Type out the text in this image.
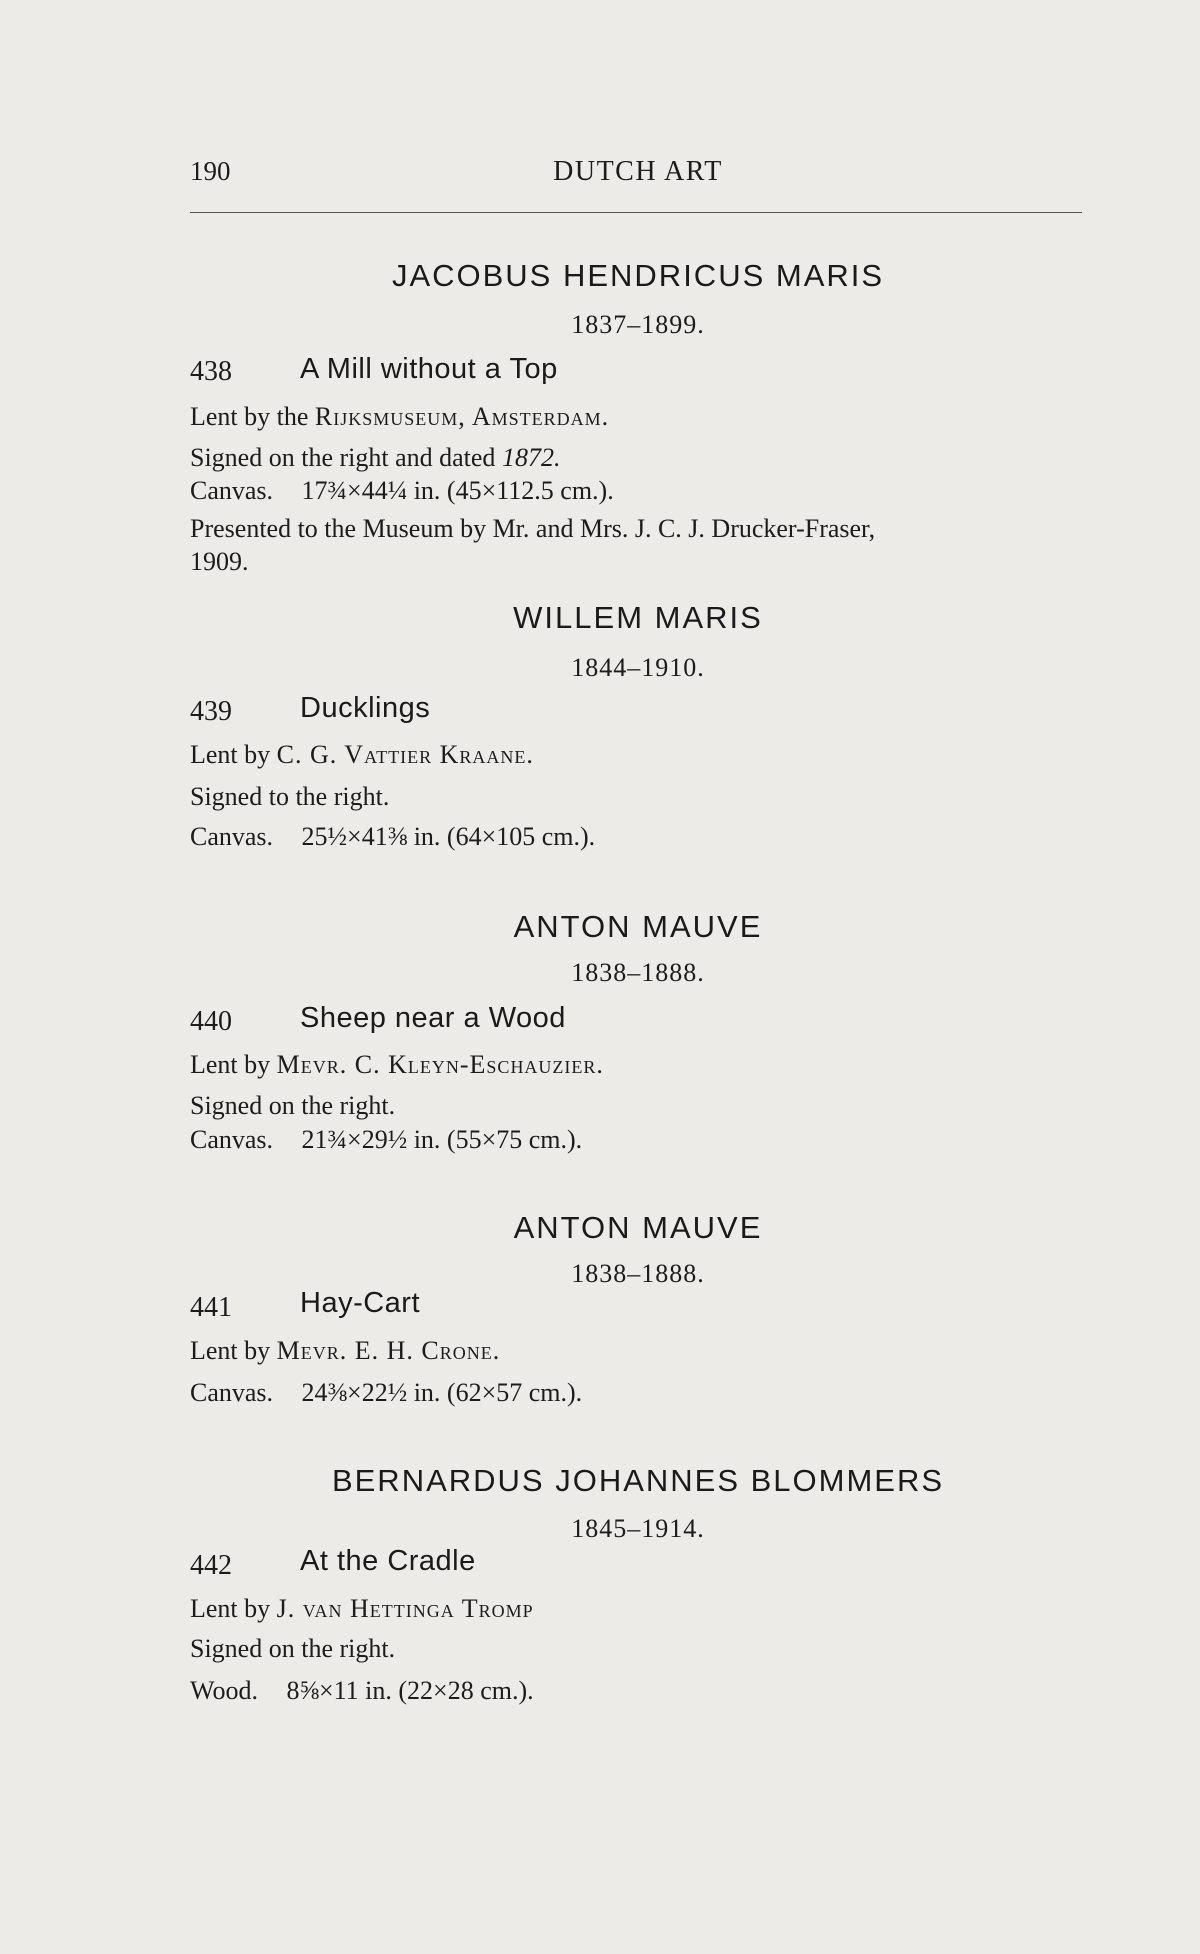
190	DUTCH ART
JACOBUS HENDRICUS MARIS
1837–1899.
438 A Mill without a Top
Lent by the Rijksmuseum, Amsterdam.
Signed on the right and dated 1872.
Canvas. 17¾×44¼ in. (45×112.5 cm.).
Presented to the Museum by Mr. and Mrs. J. C. J. Drucker-Fraser,
1909.
WILLEM MARIS
1844–1910.
439 Ducklings
Lent by C. G. Vattier Kraane.
Signed to the right.
Canvas. 25½×41⅜ in. (64×105 cm.).
ANTON MAUVE
1838–1888.
440 Sheep near a Wood
Lent by Mevr. C. Kleyn-Eschauzier.
Signed on the right.
Canvas. 21¾×29½ in. (55×75 cm.).
ANTON MAUVE
1838–1888.
441 Hay-Cart
Lent by Mevr. E. H. Crone.
Canvas. 24⅜×22½ in. (62×57 cm.).
BERNARDUS JOHANNES BLOMMERS
1845–1914.
442 At the Cradle
Lent by J. van Hettinga Tromp
Signed on the right.
Wood. 8⅝×11 in. (22×28 cm.).
